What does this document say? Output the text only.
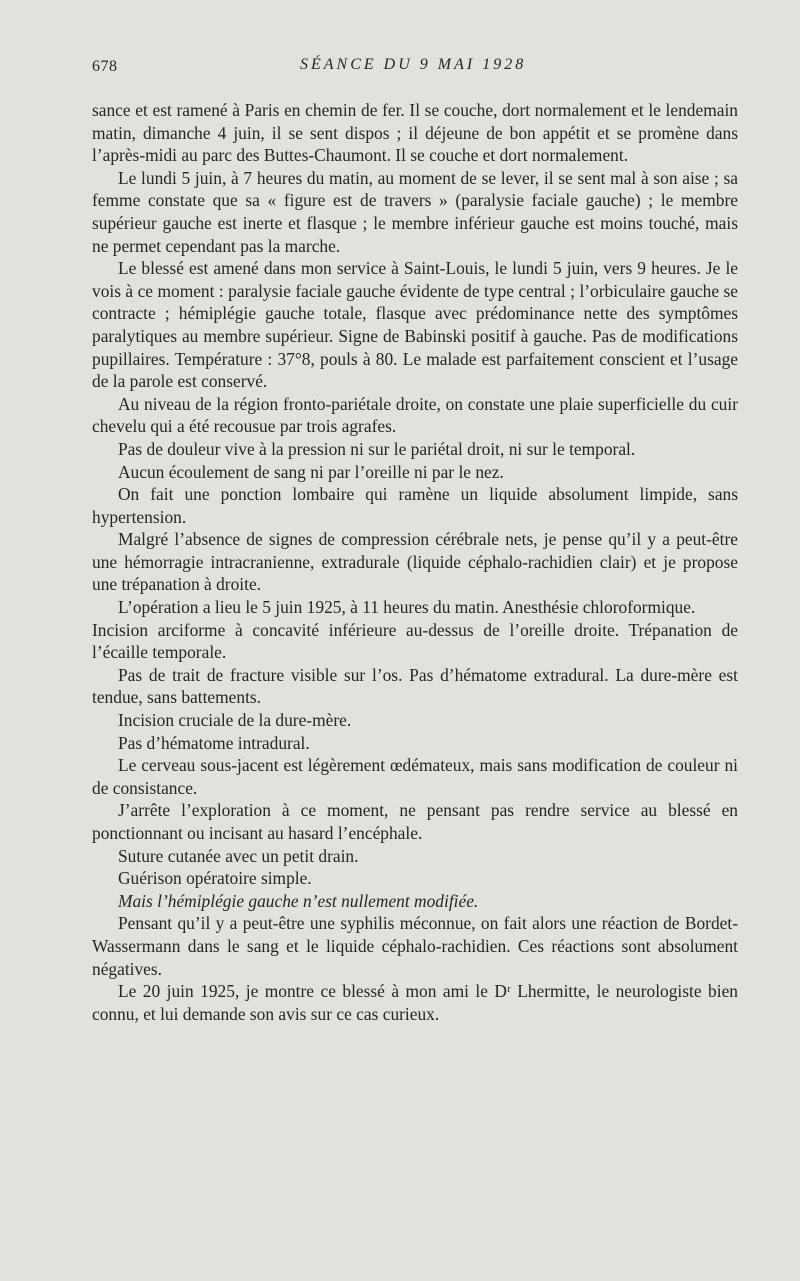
678	SÉANCE DU 9 MAI 1928

sance et est ramené à Paris en chemin de fer. Il se couche, dort normalement et le lendemain matin, dimanche 4 juin, il se sent dispos ; il déjeune de bon appétit et se promène dans l’après-midi au parc des Buttes-Chaumont. Il se couche et dort normalement.

Le lundi 5 juin, à 7 heures du matin, au moment de se lever, il se sent mal à son aise ; sa femme constate que sa « figure est de travers » (paralysie faciale gauche) ; le membre supérieur gauche est inerte et flasque ; le membre inférieur gauche est moins touché, mais ne permet cependant pas la marche.

Le blessé est amené dans mon service à Saint-Louis, le lundi 5 juin, vers 9 heures. Je le vois à ce moment : paralysie faciale gauche évidente de type central ; l’orbiculaire gauche se contracte ; hémiplégie gauche totale, flasque avec prédominance nette des symptômes paralytiques au membre supérieur. Signe de Babinski positif à gauche. Pas de modifications pupillaires. Température : 37°8, pouls à 80. Le malade est parfaitement conscient et l’usage de la parole est conservé.

Au niveau de la région fronto-pariétale droite, on constate une plaie superficielle du cuir chevelu qui a été recousue par trois agrafes.

Pas de douleur vive à la pression ni sur le pariétal droit, ni sur le temporal.

Aucun écoulement de sang ni par l’oreille ni par le nez.

On fait une ponction lombaire qui ramène un liquide absolument limpide, sans hypertension.

Malgré l’absence de signes de compression cérébrale nets, je pense qu’il y a peut-être une hémorragie intracranienne, extradurale (liquide céphalo-rachidien clair) et je propose une trépanation à droite.

L’opération a lieu le 5 juin 1925, à 11 heures du matin. Anesthésie chloroformique.

Incision arciforme à concavité inférieure au-dessus de l’oreille droite. Trépanation de l’écaille temporale.

Pas de trait de fracture visible sur l’os. Pas d’hématome extradural. La dure-mère est tendue, sans battements.

Incision cruciale de la dure-mère.

Pas d’hématome intradural.

Le cerveau sous-jacent est légèrement œdémateux, mais sans modification de couleur ni de consistance.

J’arrête l’exploration à ce moment, ne pensant pas rendre service au blessé en ponctionnant ou incisant au hasard l’encéphale.

Suture cutanée avec un petit drain.

Guérison opératoire simple.

Mais l’hémiplégie gauche n’est nullement modifiée.

Pensant qu’il y a peut-être une syphilis méconnue, on fait alors une réaction de Bordet-Wassermann dans le sang et le liquide céphalo-rachidien. Ces réactions sont absolument négatives.

Le 20 juin 1925, je montre ce blessé à mon ami le Dʳ Lhermitte, le neurologiste bien connu, et lui demande son avis sur ce cas curieux.
